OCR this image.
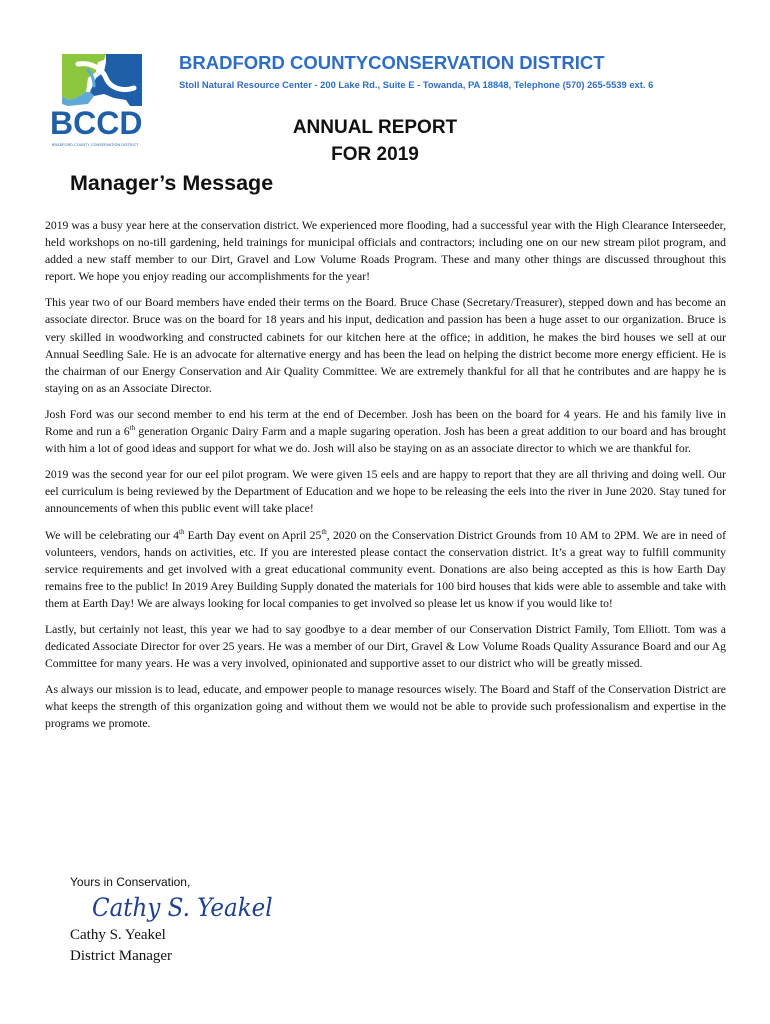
BCCD
BRADFORD COUNTY CONSERVATION DISTRICT
BRADFORD COUNTYCONSERVATION DISTRICT
Stoll Natural Resource Center - 200 Lake Rd., Suite E - Towanda, PA 18848, Telephone (570) 265-5539 ext. 6
ANNUAL REPORT
FOR 2019
Manager’s Message

2019 was a busy year here at the conservation district. We experienced more flooding, had a successful year with the High Clearance Interseeder, held workshops on no-till gardening, held trainings for municipal officials and contractors; including one on our new stream pilot program, and added a new staff member to our Dirt, Gravel and Low Volume Roads Program. These and many other things are discussed throughout this report. We hope you enjoy reading our accomplishments for the year!

This year two of our Board members have ended their terms on the Board. Bruce Chase (Secretary/Treasurer), stepped down and has become an associate director. Bruce was on the board for 18 years and his input, dedication and passion has been a huge asset to our organization. Bruce is very skilled in woodworking and constructed cabinets for our kitchen here at the office; in addition, he makes the bird houses we sell at our Annual Seedling Sale. He is an advocate for alternative energy and has been the lead on helping the district become more energy efficient. He is the chairman of our Energy Conservation and Air Quality Committee. We are extremely thankful for all that he contributes and are happy he is staying on as an Associate Director.

Josh Ford was our second member to end his term at the end of December. Josh has been on the board for 4 years. He and his family live in Rome and run a 6th generation Organic Dairy Farm and a maple sugaring operation. Josh has been a great addition to our board and has brought with him a lot of good ideas and support for what we do. Josh will also be staying on as an associate director to which we are thankful for.

2019 was the second year for our eel pilot program. We were given 15 eels and are happy to report that they are all thriving and doing well. Our eel curriculum is being reviewed by the Department of Education and we hope to be releasing the eels into the river in June 2020. Stay tuned for announcements of when this public event will take place!

We will be celebrating our 4th Earth Day event on April 25th, 2020 on the Conservation District Grounds from 10 AM to 2PM. We are in need of volunteers, vendors, hands on activities, etc. If you are interested please contact the conservation district. It’s a great way to fulfill community service requirements and get involved with a great educational community event. Donations are also being accepted as this is how Earth Day remains free to the public! In 2019 Arey Building Supply donated the materials for 100 bird houses that kids were able to assemble and take with them at Earth Day! We are always looking for local companies to get involved so please let us know if you would like to!

Lastly, but certainly not least, this year we had to say goodbye to a dear member of our Conservation District Family, Tom Elliott. Tom was a dedicated Associate Director for over 25 years. He was a member of our Dirt, Gravel & Low Volume Roads Quality Assurance Board and our Ag Committee for many years. He was a very involved, opinionated and supportive asset to our district who will be greatly missed.

As always our mission is to lead, educate, and empower people to manage resources wisely. The Board and Staff of the Conservation District are what keeps the strength of this organization going and without them we would not be able to provide such professionalism and expertise in the programs we promote.

Yours in Conservation,
Cathy S. Yeakel
Cathy S. Yeakel
District Manager
